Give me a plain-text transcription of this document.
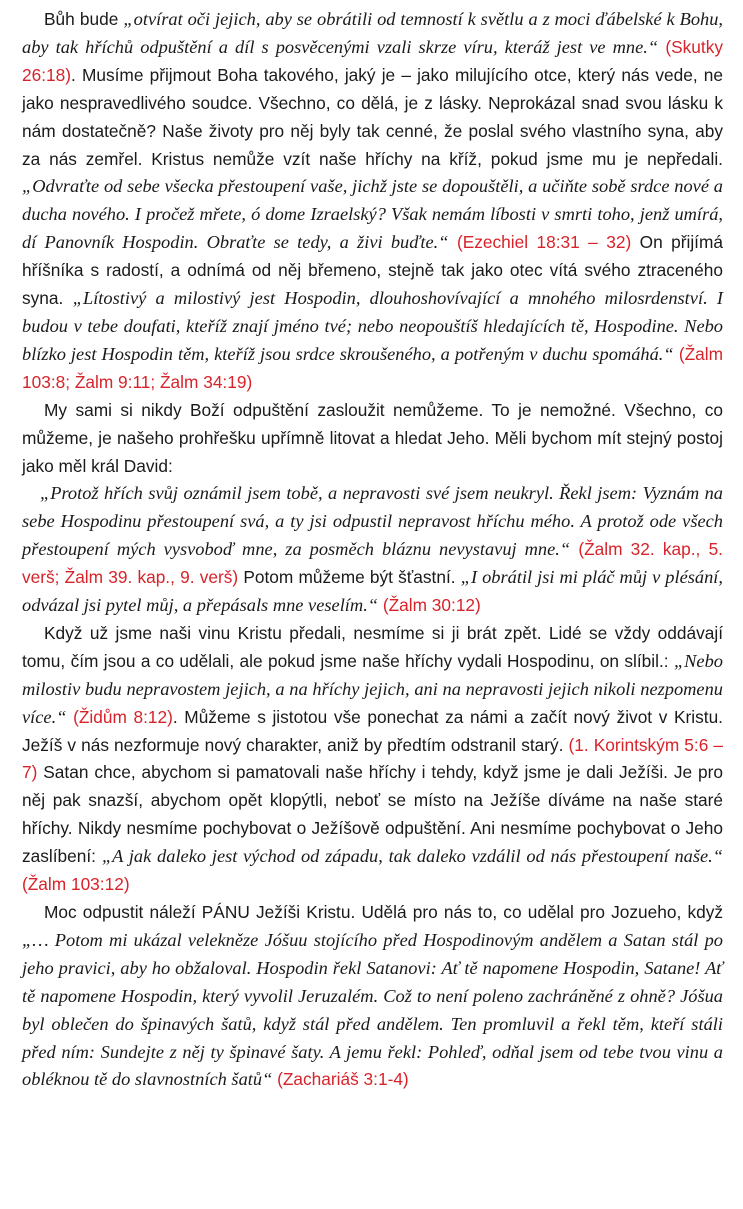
Bůh bude „otvírat oči jejich, aby se obrátili od temností k světlu a z moci ďábelské k Bohu, aby tak hříchů odpuštění a díl s posvěcenými vzali skrze víru, kteráž jest ve mne.“ (Skutky 26:18). Musíme přijmout Boha takového, jaký je – jako milujícího otce, který nás vede, ne jako nespravedlivého soudce. Všechno, co dělá, je z lásky. Neprokázal snad svou lásku k nám dostatečně? Naše životy pro něj byly tak cenné, že poslal svého vlastního syna, aby za nás zemřel. Kristus nemůže vzít naše hříchy na kříž, pokud jsme mu je nepředali. „Odvraťte od sebe všecka přestoupení vaše, jichž jste se dopouštěli, a učiňte sobě srdce nové a ducha nového. I pročež mřete, ó dome Izraelský? Však nemám líbosti v smrti toho, jenž umírá, dí Panovník Hospodin. Obraťte se tedy, a živi buďte.“ (Ezechiel 18:31 – 32) On přijímá hříšníka s radostí, a odnímá od něj břemeno, stejně tak jako otec vítá svého ztraceného syna. „Lítostivý a milostivý jest Hospodin, dlouhoshovívající a mnohého milosrdenství. I budou v tebe doufati, kteříž znají jméno tvé; nebo neopouštíš hledajících tě, Hospodine. Nebo blízko jest Hospodin těm, kteříž jsou srdce skroušeného, a potřeným v duchu spomáhá.“ (Žalm 103:8; Žalm 9:11; Žalm 34:19)

My sami si nikdy Boží odpuštění zasloužit nemůžeme. To je nemožné. Všechno, co můžeme, je našeho prohřešku upřímně litovat a hledat Jeho. Měli bychom mít stejný postoj jako měl král David:

„Protož hřích svůj oznámil jsem tobě, a nepravosti své jsem neukryl. Řekl jsem: Vyznám na sebe Hospodinu přestoupení svá, a ty jsi odpustil nepravost hříchu mého. A protož ode všech přestoupení mých vysvoboď mne, za posměch bláznu nevystavuj mne.“ (Žalm 32. kap., 5. verš; Žalm 39. kap., 9. verš) Potom můžeme být šťastní. „I obrátil jsi mi pláč můj v plésání, odvázal jsi pytel můj, a přepásals mne veselím.“ (Žalm 30:12)

Když už jsme naši vinu Kristu předali, nesmíme si ji brát zpět. Lidé se vždy oddávají tomu, čím jsou a co udělali, ale pokud jsme naše hříchy vydali Hospodinu, on slíbil.: „Nebo milostiv budu nepravostem jejich, a na hříchy jejich, ani na nepravosti jejich nikoli nezpomenu více.“ (Židům 8:12). Můžeme s jistotou vše ponechat za námi a začít nový život v Kristu. Ježíš v nás nezformuje nový charakter, aniž by předtím odstranil starý. (1. Korintským 5:6 – 7) Satan chce, abychom si pamatovali naše hříchy i tehdy, když jsme je dali Ježíši. Je pro něj pak snazší, abychom opět klopýtli, neboť se místo na Ježíše díváme na naše staré hříchy. Nikdy nesmíme pochybovat o Ježíšově odpuštění. Ani nesmíme pochybovat o Jeho zaslíbení: „A jak daleko jest východ od západu, tak daleko vzdálil od nás přestoupení naše.“ (Žalm 103:12)

Moc odpustit náleží PÁNU Ježíši Kristu. Udělá pro nás to, co udělal pro Jozueho, když „… Potom mi ukázal velekněze Jóšuu stojícího před Hospodinovým andělem a Satan stál po jeho pravici, aby ho obžaloval. Hospodin řekl Satanovi: Ať tě napomene Hospodin, Satane! Ať tě napomene Hospodin, který vyvolil Jeruzalém. Což to není poleno zachráněné z ohně? Jóšua byl oblečen do špinavých šatů, když stál před andělem. Ten promluvil a řekl těm, kteří stáli před ním: Sundejte z něj ty špinavé šaty. A jemu řekl: Pohleď, odňal jsem od tebe tvou vinu a obléknou tě do slavnostních šatů“ (Zachariáš 3:1-4)
